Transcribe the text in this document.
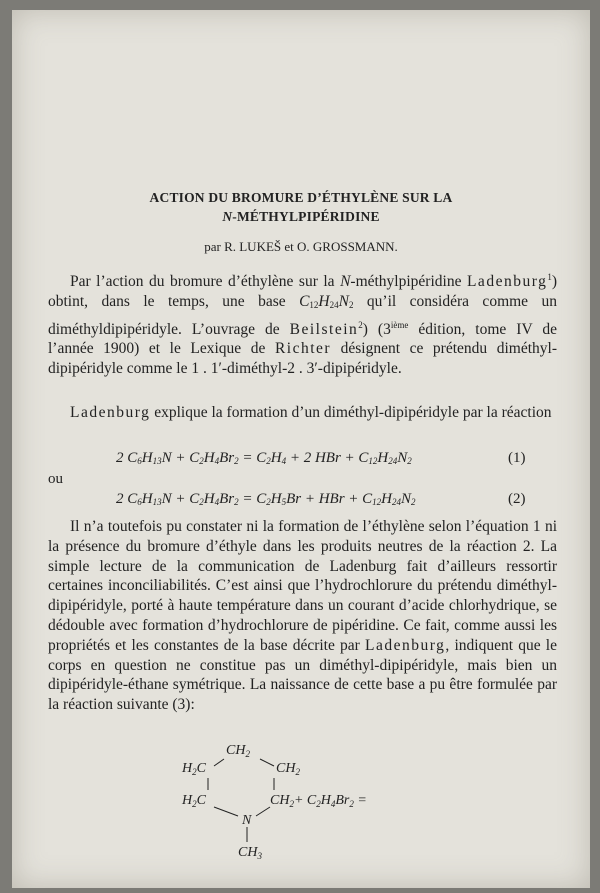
ACTION DU BROMURE D’ÉTHYLÈNE SUR LA
N-MÉTHYLPIPÉRIDINE
par R. LUKEŠ et O. GROSSMANN.
Par l’action du bromure d’éthylène sur la N-méthylpipéridine Ladenburg$^1$) obtint, dans le temps, une base $C_{12}H_{24}N_2$ qu’il considéra comme un diméthyldipipéridyle. L’ouvrage de Beilstein$^2$) (3ième édition, tome IV de l’année 1900) et le Lexique de Richter désignent ce prétendu diméthyl-dipipéridyle comme le 1 . 1′-diméthyl-2 . 3′-dipipéridyle.
Ladenburg explique la formation d’un diméthyl-dipipéridyle par la réaction
2 $C_6H_{13}N + C_2H_4Br_2 = C_2H_4 + 2$ HBr + $C_{12}H_{24}N_2$	(1)
ou
2 $C_6H_{13}N + C_2H_4Br_2 = C_2H_5Br$ + HBr + $C_{12}H_{24}N_2$	(2)
Il n’a toutefois pu constater ni la formation de l’éthylène selon l’équation 1 ni la présence du bromure d’éthyle dans les produits neutres de la réaction 2. La simple lecture de la communication de Ladenburg fait d’ailleurs ressortir certaines inconciliabilités. C’est ainsi que l’hydrochlorure du prétendu diméthyl-dipipéridyle, porté à haute température dans un courant d’acide chlorhydrique, se dédouble avec formation d’hydrochlorure de pipéridine. Ce fait, comme aussi les propriétés et les constantes de la base décrite par Ladenburg, indiquent que le corps en question ne constitue pas un diméthyl-dipipéridyle, mais bien un dipipéridyle-éthane symétrique. La naissance de cette base a pu être formulée par la réaction suivante (3):
$CH_2$
$H_2C$	$CH_2$
$H_2C$	$CH_2+ C_2H_4Br_2$ =
N
$CH_3$
